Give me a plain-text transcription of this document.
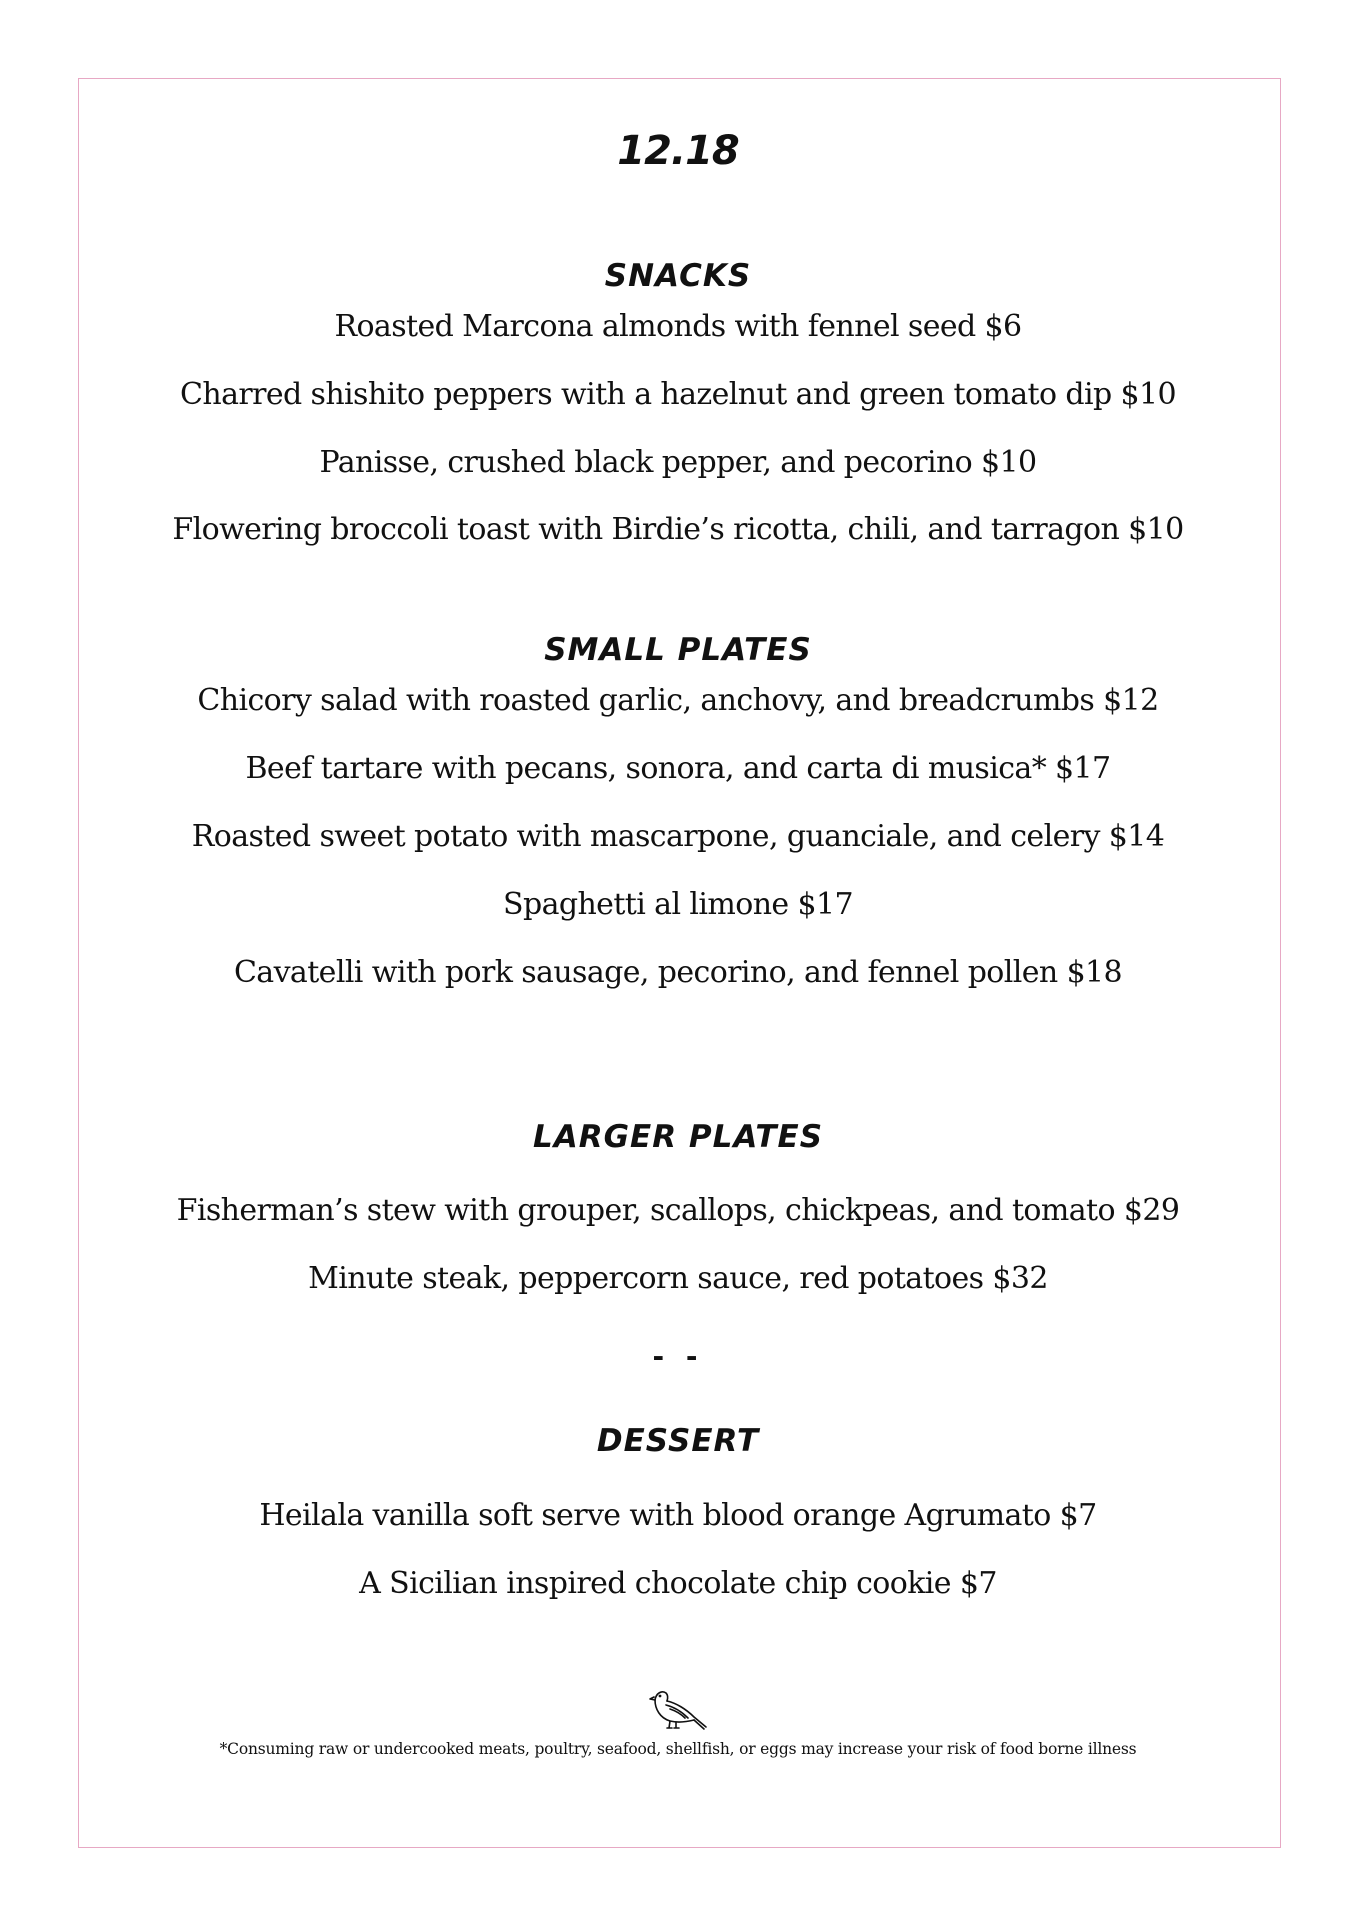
12.18
SNACKS
Roasted Marcona almonds with fennel seed $6
Charred shishito peppers with a hazelnut and green tomato dip $10
Panisse, crushed black pepper, and pecorino $10
Flowering broccoli toast with Birdie’s ricotta, chili, and tarragon $10
SMALL PLATES
Chicory salad with roasted garlic, anchovy, and breadcrumbs $12
Beef tartare with pecans, sonora, and carta di musica* $17
Roasted sweet potato with mascarpone, guanciale, and celery $14
Spaghetti al limone $17
Cavatelli with pork sausage, pecorino, and fennel pollen $18
LARGER PLATES
Fisherman’s stew with grouper, scallops, chickpeas, and tomato $29
Minute steak, peppercorn sauce, red potatoes $32
- -
DESSERT
Heilala vanilla soft serve with blood orange Agrumato $7
A Sicilian inspired chocolate chip cookie $7
*Consuming raw or undercooked meats, poultry, seafood, shellfish, or eggs may increase your risk of food borne illness
